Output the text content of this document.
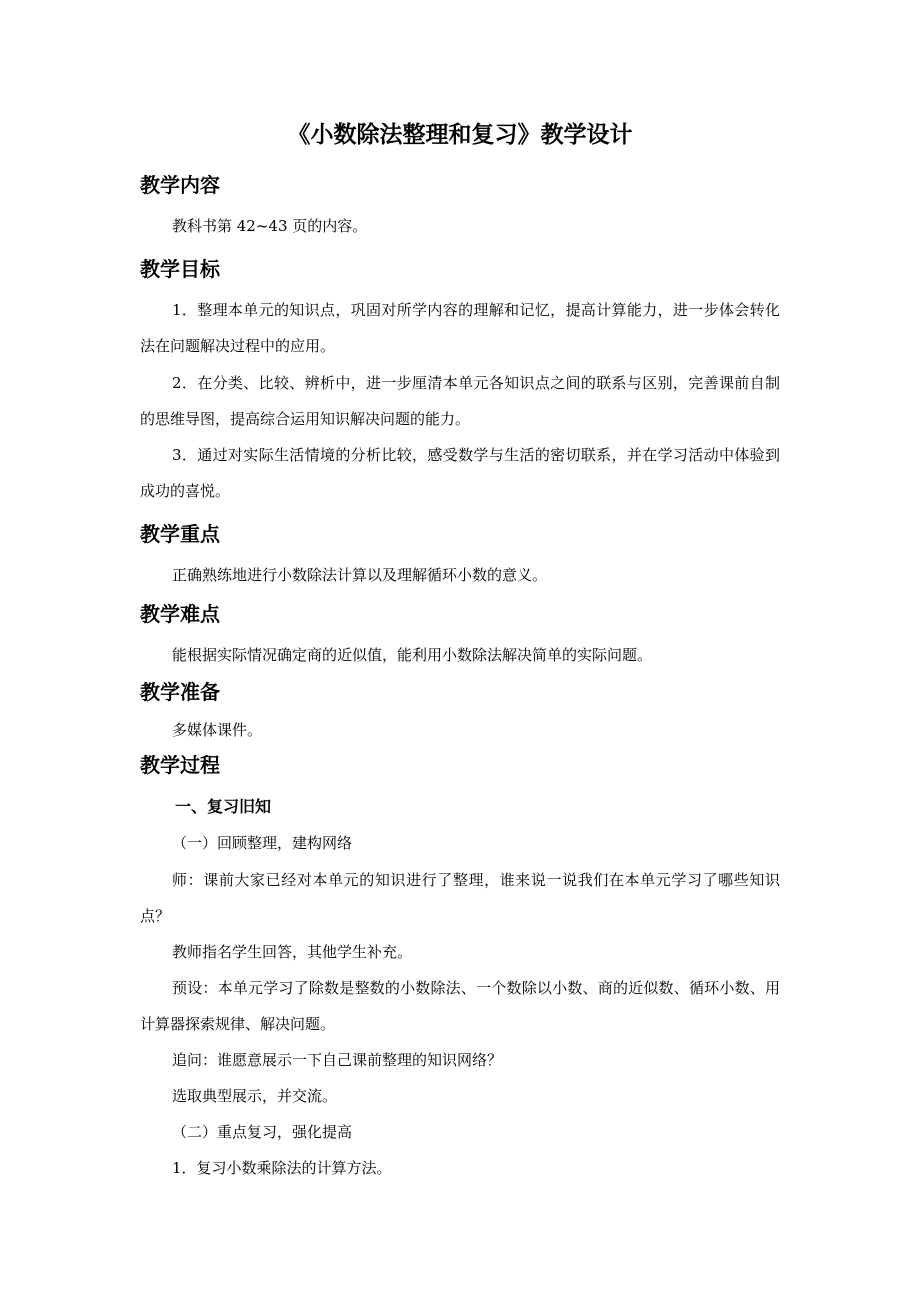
《小数除法整理和复习》教学设计
教学内容

教科书第 42~43 页的内容。

教学目标

1．整理本单元的知识点，巩固对所学内容的理解和记忆，提高计算能力，进一步体会转化法在问题解决过程中的应用。

2．在分类、比较、辨析中，进一步厘清本单元各知识点之间的联系与区别，完善课前自制的思维导图，提高综合运用知识解决问题的能力。

3．通过对实际生活情境的分析比较，感受数学与生活的密切联系，并在学习活动中体验到成功的喜悦。

教学重点

正确熟练地进行小数除法计算以及理解循环小数的意义。

教学难点

能根据实际情况确定商的近似值，能利用小数除法解决简单的实际问题。

教学准备

多媒体课件。

教学过程
一、复习旧知

（一）回顾整理，建构网络

师：课前大家已经对本单元的知识进行了整理，谁来说一说我们在本单元学习了哪些知识点？

教师指名学生回答，其他学生补充。

预设：本单元学习了除数是整数的小数除法、一个数除以小数、商的近似数、循环小数、用计算器探索规律、解决问题。

追问：谁愿意展示一下自己课前整理的知识网络？

选取典型展示，并交流。

（二）重点复习，强化提高

1．复习小数乘除法的计算方法。
